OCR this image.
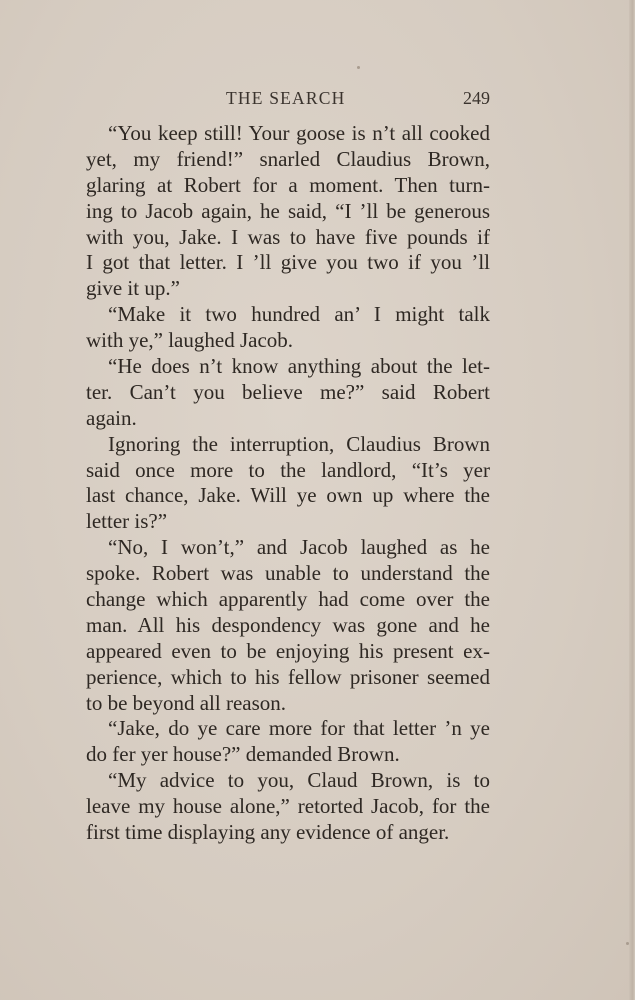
THE SEARCH	249
“You keep still! Your goose is n’t all cooked
yet, my friend!” snarled Claudius Brown,
glaring at Robert for a moment. Then turn-
ing to Jacob again, he said, “I ’ll be generous
with you, Jake. I was to have five pounds if
I got that letter. I ’ll give you two if you ’ll
give it up.”
“Make it two hundred an’ I might talk
with ye,” laughed Jacob.
“He does n’t know anything about the let-
ter. Can’t you believe me?” said Robert
again.
Ignoring the interruption, Claudius Brown
said once more to the landlord, “It’s yer
last chance, Jake. Will ye own up where the
letter is?”
“No, I won’t,” and Jacob laughed as he
spoke. Robert was unable to understand the
change which apparently had come over the
man. All his despondency was gone and he
appeared even to be enjoying his present ex-
perience, which to his fellow prisoner seemed
to be beyond all reason.
“Jake, do ye care more for that letter ’n ye
do fer yer house?” demanded Brown.
“My advice to you, Claud Brown, is to
leave my house alone,” retorted Jacob, for the
first time displaying any evidence of anger.
